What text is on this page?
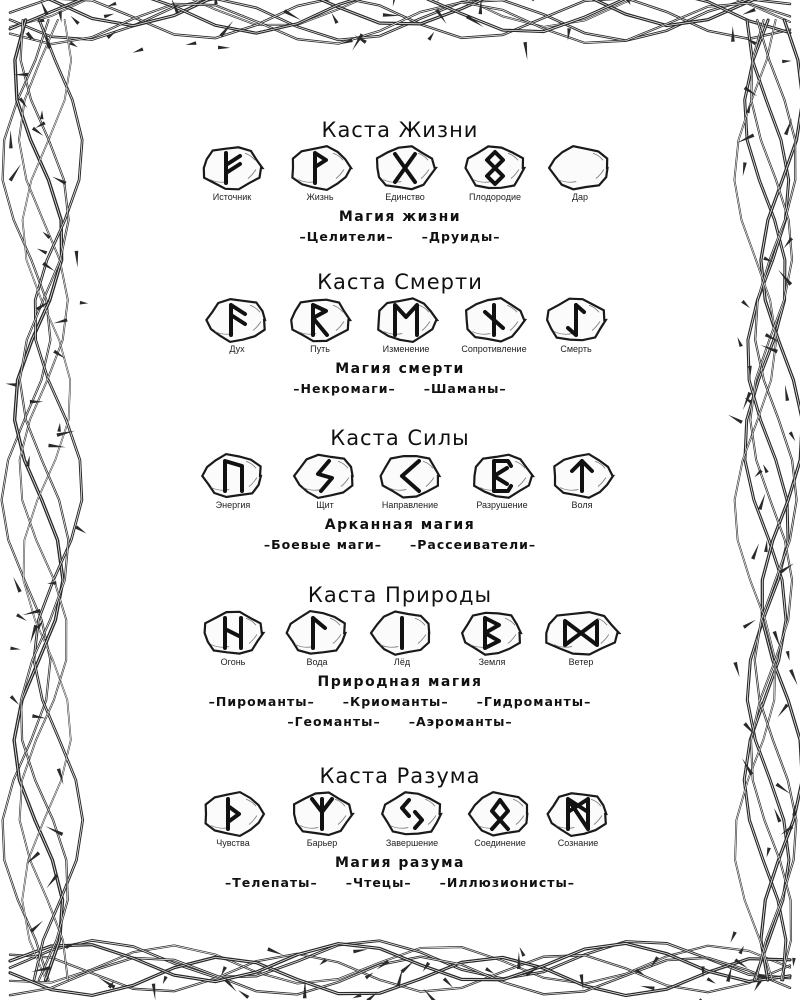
Каста Жизни
Источник	Жизнь	Единство	Плодородие	Дар
Магия жизни
–Целители– –Друиды–
Каста Смерти
Дух	Путь	Изменение	Сопротивление	Смерть
Магия смерти
–Некромаги– –Шаманы–
Каста Силы
Энергия	Щит	Направление	Разрушение	Воля
Арканная магия
–Боевые маги– –Рассеиватели–
Каста Природы
Огонь	Вода	Лёд	Земля	Ветер
Природная магия
–Пироманты– –Криоманты– –Гидроманты–
–Геоманты– –Аэроманты–
Каста Разума
Чувства	Барьер	Завершение	Соединение	Сознание
Магия разума
–Телепаты– –Чтецы– –Иллюзионисты–
